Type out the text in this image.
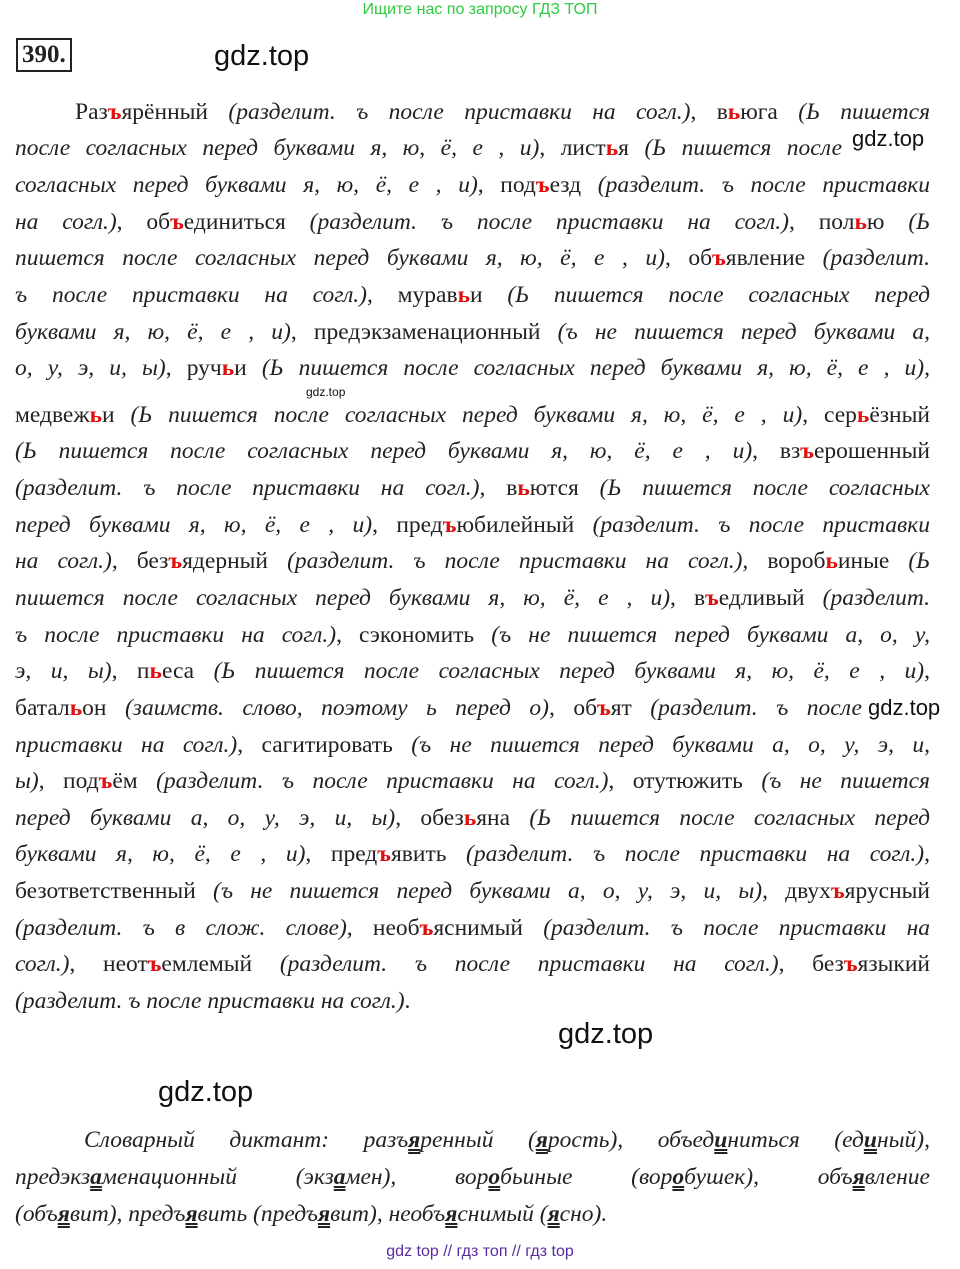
Ищите нас по запросу ГДЗ ТОП
390.	gdz.top
gdz.top
gdz.top
gdz.top
gdz.top
gdz.top
Разъярённый (разделит. ъ после приставки на согл.), вьюга (Ь пишется
после согласных перед буквами я, ю, ё, е , и), листья (Ь пишется после
согласных перед буквами я, ю, ё, е , и), подъезд (разделит. ъ после приставки
на согл.), объединиться (разделит. ъ после приставки на согл.), полью (Ь
пишется после согласных перед буквами я, ю, ё, е , и), объявление (разделит.
ъ после приставки на согл.), муравьи (Ь пишется после согласных перед
буквами я, ю, ё, е , и), предэкзаменационный (ъ не пишется перед буквами а,
о, у, э, и, ы), ручьи (Ь пишется после согласных перед буквами я, ю, ё, е , и),
медвежьи (Ь пишется после согласных перед буквами я, ю, ё, е , и), серьёзный
(Ь пишется после согласных перед буквами я, ю, ё, е , и), взъерошенный
(разделит. ъ после приставки на согл.), вьются (Ь пишется после согласных
перед буквами я, ю, ё, е , и), предъюбилейный (разделит. ъ после приставки
на согл.), безъядерный (разделит. ъ после приставки на согл.), воробьиные (Ь
пишется после согласных перед буквами я, ю, ё, е , и), въедливый (разделит.
ъ после приставки на согл.), сэкономить (ъ не пишется перед буквами а, о, у,
э, и, ы), пьеса (Ь пишется после согласных перед буквами я, ю, ё, е , и),
батальон (заимств. слово, поэтому ь перед о), объят (разделит. ъ после
приставки на согл.), сагитировать (ъ не пишется перед буквами а, о, у, э, и,
ы), подъём (разделит. ъ после приставки на согл.), отутюжить (ъ не пишется
перед буквами а, о, у, э, и, ы), обезьяна (Ь пишется после согласных перед
буквами я, ю, ё, е , и), предъявить (разделит. ъ после приставки на согл.),
безответственный (ъ не пишется перед буквами а, о, у, э, и, ы), двухъярусный
(разделит. ъ в слож. слове), необъяснимый (разделит. ъ после приставки на
согл.), неотъемлемый (разделит. ъ после приставки на согл.), безъязыкий
(разделит. ъ после приставки на согл.).
Словарный диктант: разъяренный (ярость), объединиться (единый),
предэкзаменационный (экзамен), воробьиные (воробушек), объявление
(объявит), предъявить (предъявит), необъяснимый (ясно).
gdz top // гдз топ // гдз top
